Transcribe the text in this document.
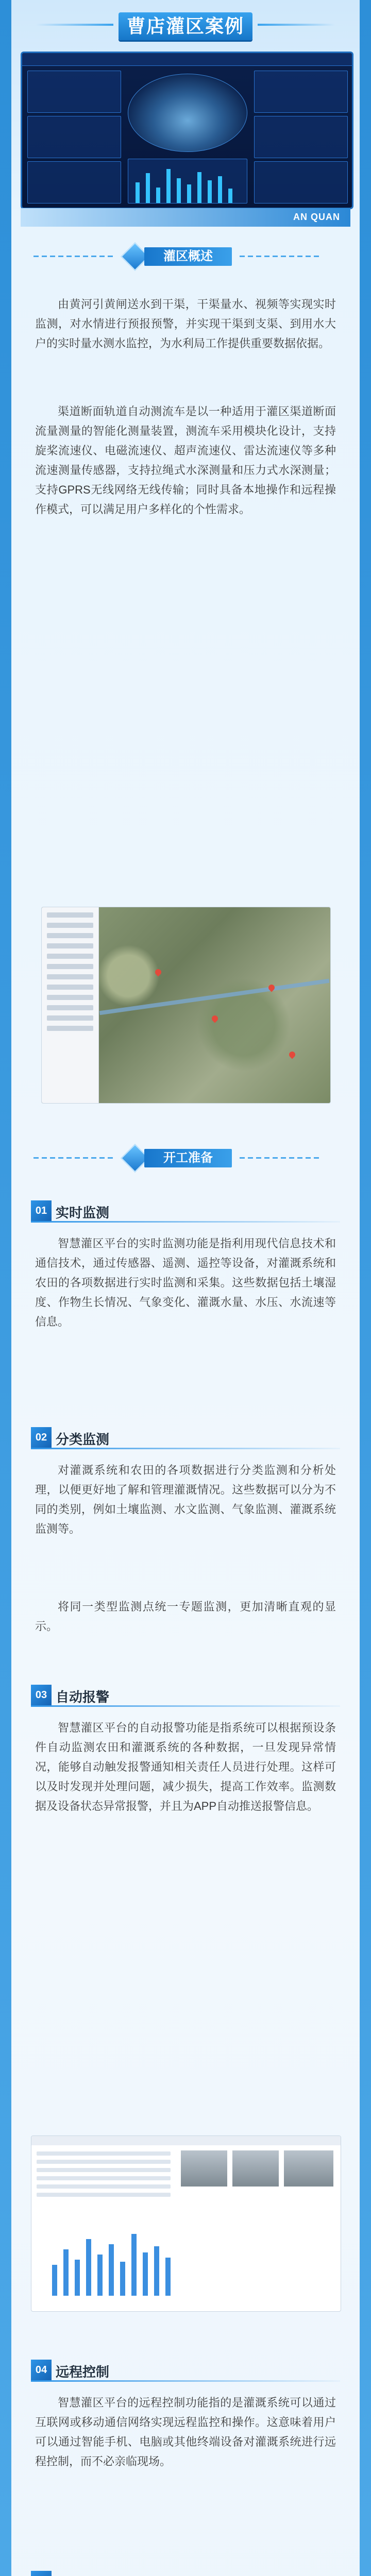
曹店灌区案例
AN QUAN
灌区概述

由黄河引黄闸送水到干渠，干渠量水、视频等实现实时监测，对水情进行预报预警，并实现干渠到支渠、到用水大户的实时量水测水监控，为水利局工作提供重要数据依据。

渠道断面轨道自动测流车是以一种适用于灌区渠道断面流量测量的智能化测量装置，测流车采用模块化设计，支持旋桨流速仪、电磁流速仪、超声流速仪、雷达流速仪等多种流速测量传感器，支持拉绳式水深测量和压力式水深测量；支持GPRS无线网络无线传输；同时具备本地操作和远程操作模式，可以满足用户多样化的个性需求。

开工准备
01 实时监测

智慧灌区平台的实时监测功能是指利用现代信息技术和通信技术，通过传感器、遥测、遥控等设备，对灌溉系统和农田的各项数据进行实时监测和采集。这些数据包括土壤湿度、作物生长情况、气象变化、灌溉水量、水压、水流速等信息。

02 分类监测

对灌溉系统和农田的各项数据进行分类监测和分析处理，以便更好地了解和管理灌溉情况。这些数据可以分为不同的类别，例如土壤监测、水文监测、气象监测、灌溉系统监测等。

将同一类型监测点统一专题监测，更加清晰直观的显示。

03 自动报警

智慧灌区平台的自动报警功能是指系统可以根据预设条件自动监测农田和灌溉系统的各种数据，一旦发现异常情况，能够自动触发报警通知相关责任人员进行处理。这样可以及时发现并处理问题，减少损失，提高工作效率。监测数据及设备状态异常报警，并且为APP自动推送报警信息。

04 远程控制

智慧灌区平台的远程控制功能指的是灌溉系统可以通过互联网或移动通信网络实现远程监控和操作。这意味着用户可以通过智能手机、电脑或其他终端设备对灌溉系统进行远程控制，而不必亲临现场。
